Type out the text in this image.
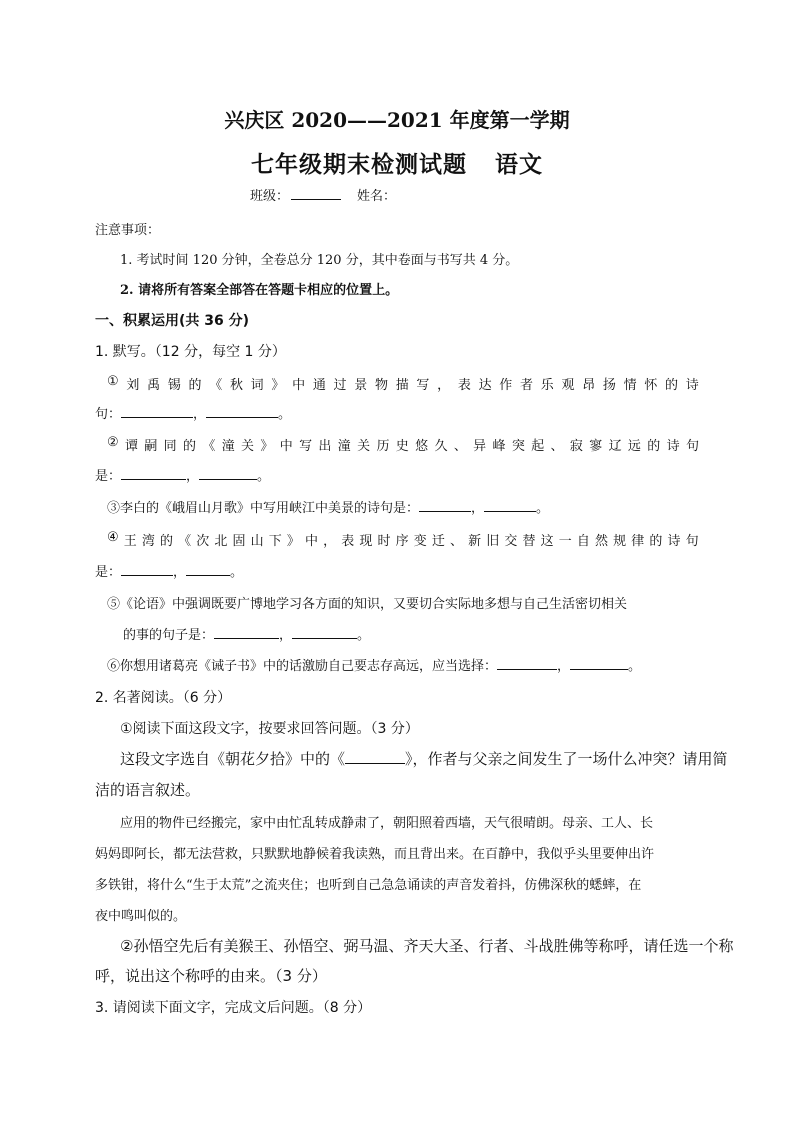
兴庆区 2020——2021 年度第一学期
七年级期末检测试题 语文
班级：	姓名：
注意事项：
1. 考试时间 120 分钟，全卷总分 120 分，其中卷面与书写共 4 分。
2. 请将所有答案全部答在答题卡相应的位置上。
一、积累运用(共 36 分)
1. 默写。（12 分，每空 1 分）
① 刘 禹 锡 的 《 秋 词 》 中 通 过 景 物 描 写 ， 表 达 作 者 乐 观 昂 扬 情 怀 的 诗
句：	，	。
② 谭 嗣 同 的 《 潼 关 》 中 写 出 潼 关 历 史 悠 久 、 异 峰 突 起 、 寂 寥 辽 远 的 诗 句
是：	，	。
③李白的《峨眉山月歌》中写用峡江中美景的诗句是：	，	。
④ 王 湾 的 《 次 北 固 山 下 》 中 ， 表 现 时 序 变 迁 、 新 旧 交 替 这 一 自 然 规 律 的 诗 句
是：	，	。
⑤《论语》中强调既要广博地学习各方面的知识，又要切合实际地多想与自己生活密切相关
的事的句子是：	，	。
⑥你想用诸葛亮《诫子书》中的话激励自己要志存高远，应当选择：	，	。
2. 名著阅读。（6 分）
①阅读下面这段文字，按要求回答问题。（3 分）
这段文字选自《朝花夕拾》中的《	》，作者与父亲之间发生了一场什么冲突？请用简
洁的语言叙述。
应用的物件已经搬完，家中由忙乱转成静肃了，朝阳照着西墙，天气很晴朗。母亲、工人、长
妈妈即阿长，都无法营救，只默默地静候着我读熟，而且背出来。在百静中，我似乎头里要伸出许
多铁钳，将什么“生于太荒”之流夹住；也听到自己急急诵读的声音发着抖，仿佛深秋的蟋蟀，在
夜中鸣叫似的。
②孙悟空先后有美猴王、孙悟空、弼马温、齐天大圣、行者、斗战胜佛等称呼，请任选一个称
呼，说出这个称呼的由来。（3 分）
3. 请阅读下面文字，完成文后问题。（8 分）
